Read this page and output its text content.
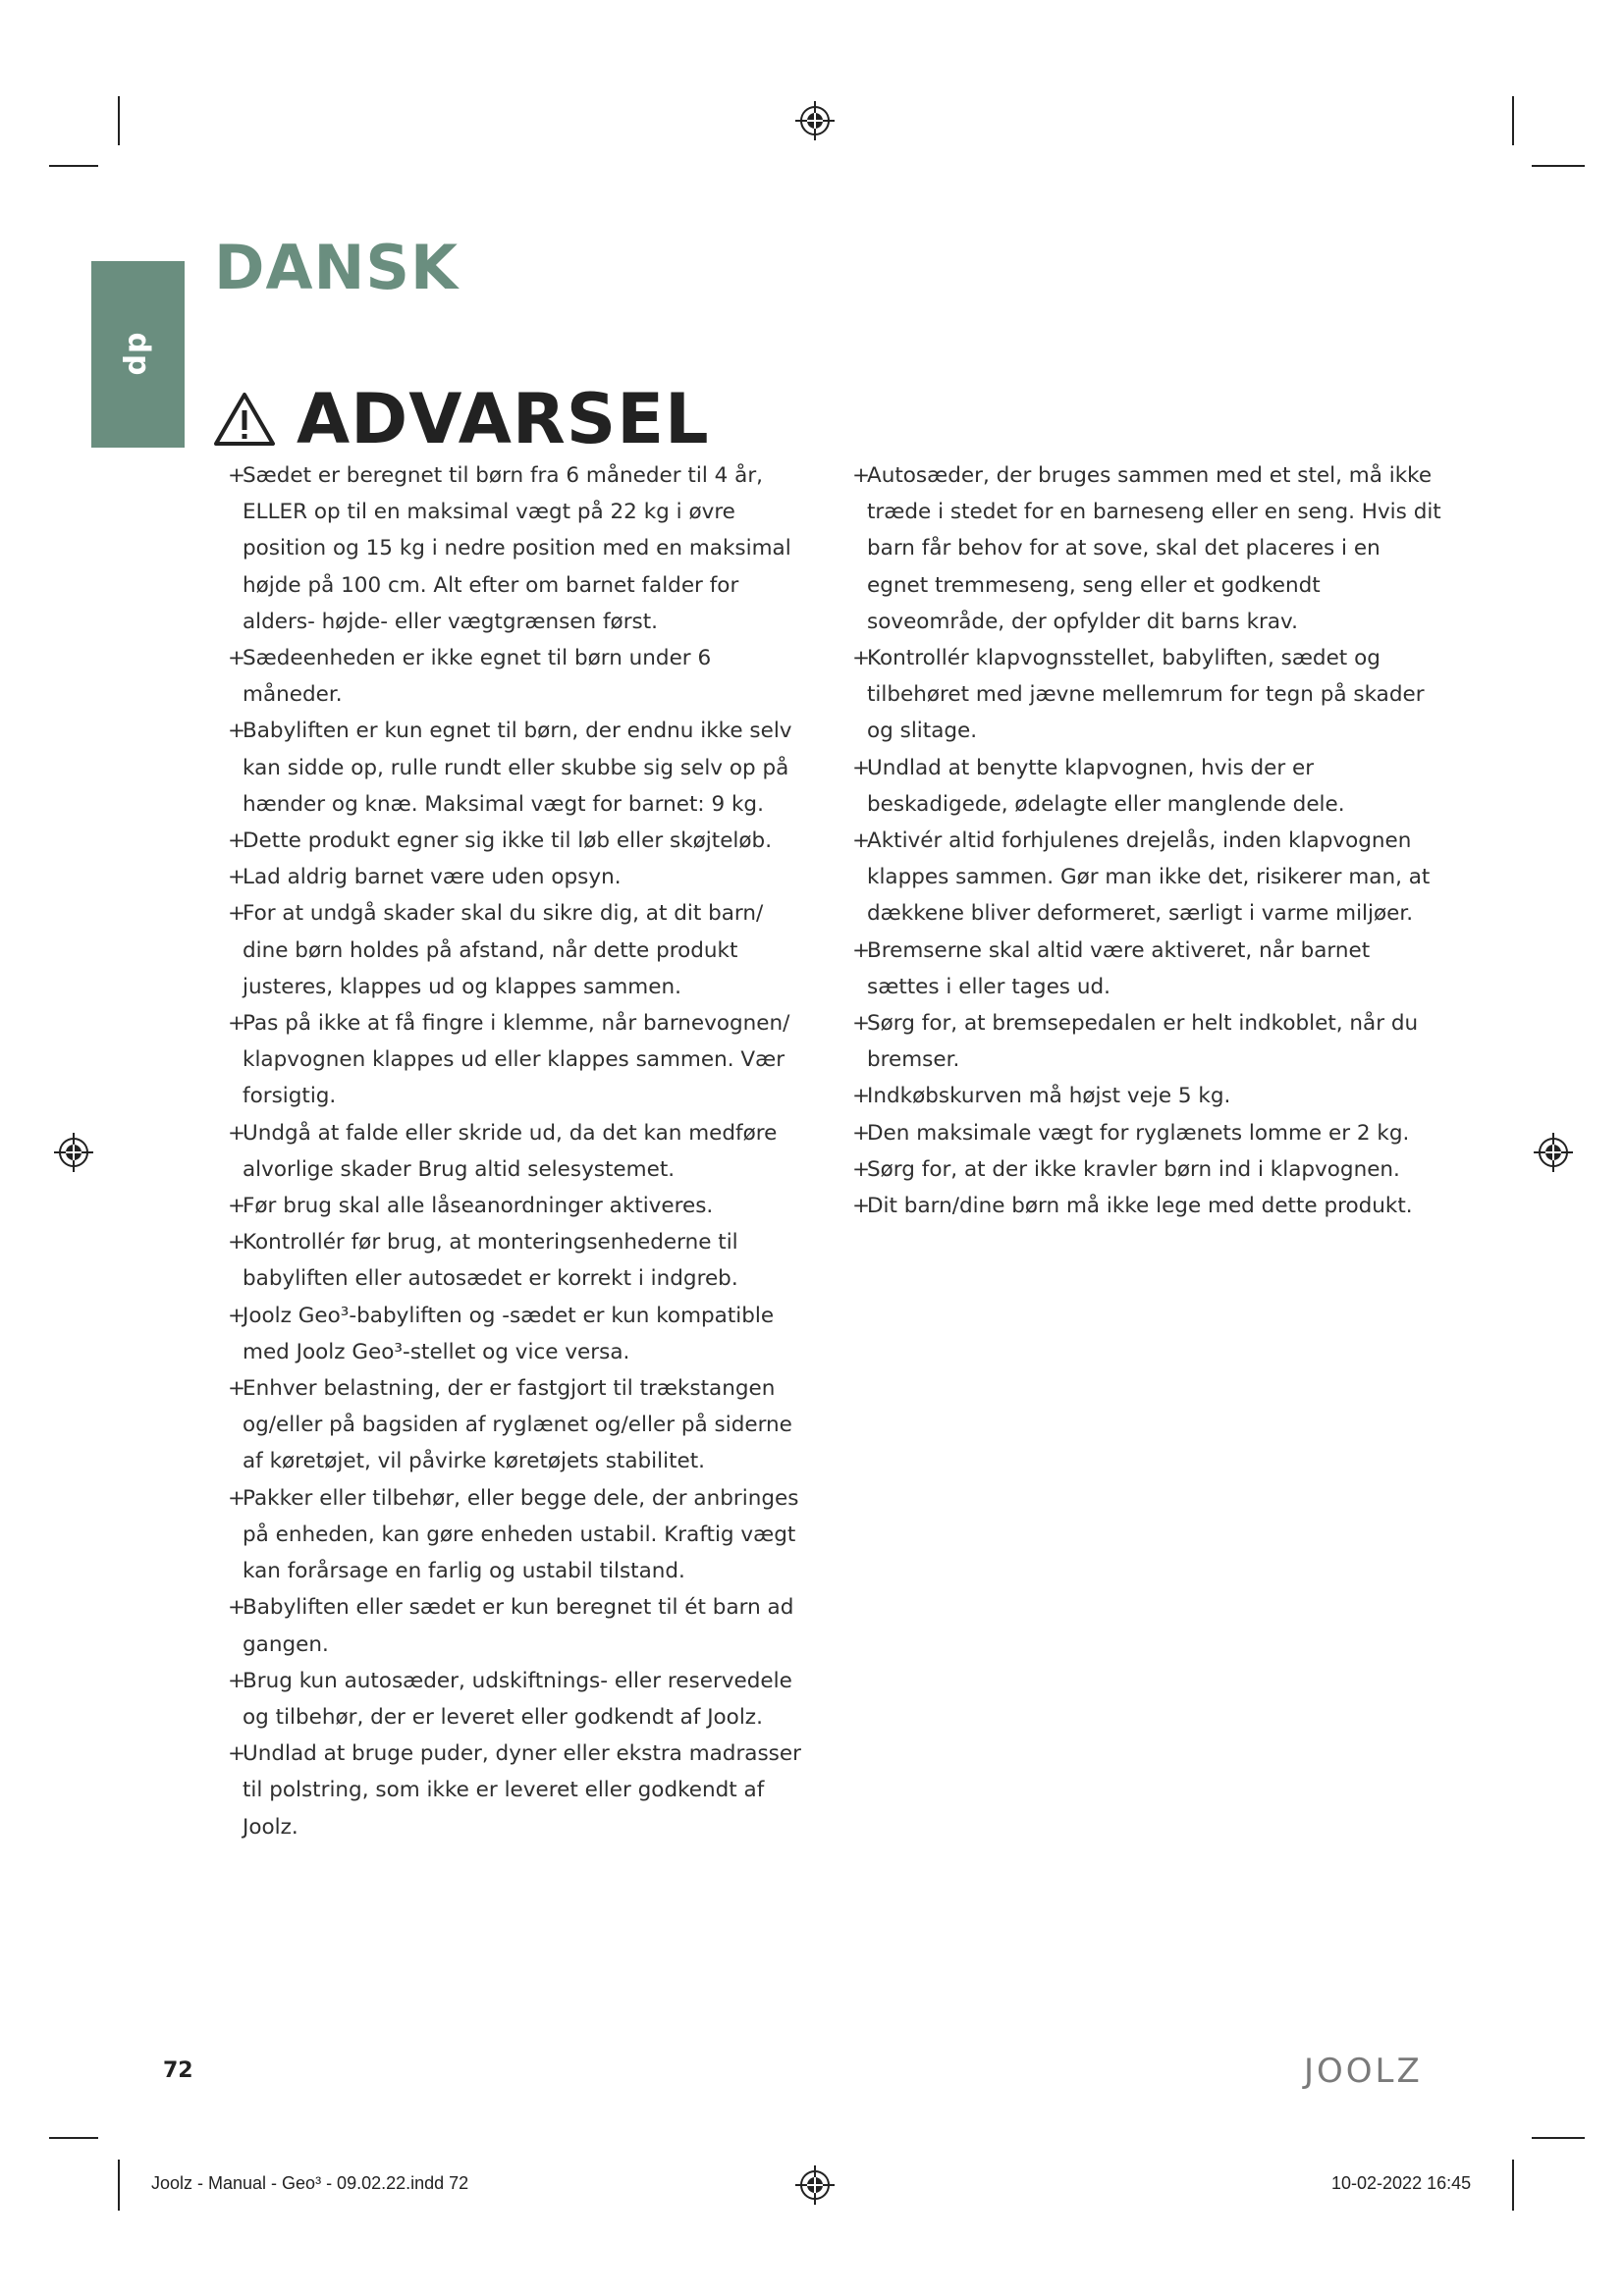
dp
DANSK
ADVARSEL
+
Sædet er beregnet til børn fra 6 måneder til 4 år, ELLER op til en maksimal vægt på 22 kg i øvre position og 15 kg i nedre position med en maksimal højde på 100 cm. Alt efter om barnet falder for alders- højde- eller vægtgrænsen først.
+
Sædeenheden er ikke egnet til børn under 6 måneder.
+
Babyliften er kun egnet til børn, der endnu ikke selv kan sidde op, rulle rundt eller skubbe sig selv op på hænder og knæ. Maksimal vægt for barnet: 9 kg.
+
Dette produkt egner sig ikke til løb eller skøjteløb.
+
Lad aldrig barnet være uden opsyn.
+
For at undgå skader skal du sikre dig, at dit barn/ dine børn holdes på afstand, når dette produkt justeres, klappes ud og klappes sammen.
+
Pas på ikke at få fingre i klemme, når barnevognen/ klapvognen klappes ud eller klappes sammen. Vær forsigtig.
+
Undgå at falde eller skride ud, da det kan medføre alvorlige skader Brug altid selesystemet.
+
Før brug skal alle låseanordninger aktiveres.
+
Kontrollér før brug, at monteringsenhederne til babyliften eller autosædet er korrekt i indgreb.
+
Joolz Geo³-babyliften og -sædet er kun kompatible med Joolz Geo³-stellet og vice versa.
+
Enhver belastning, der er fastgjort til trækstangen og/eller på bagsiden af ryglænet og/eller på siderne af køretøjet, vil påvirke køretøjets stabilitet.
+
Pakker eller tilbehør, eller begge dele, der anbringes på enheden, kan gøre enheden ustabil. Kraftig vægt kan forårsage en farlig og ustabil tilstand.
+
Babyliften eller sædet er kun beregnet til ét barn ad gangen.
+
Brug kun autosæder, udskiftnings- eller reservedele og tilbehør, der er leveret eller godkendt af Joolz.
+
Undlad at bruge puder, dyner eller ekstra madrasser til polstring, som ikke er leveret eller godkendt af Joolz.
+
Autosæder, der bruges sammen med et stel, må ikke træde i stedet for en barneseng eller en seng. Hvis dit barn får behov for at sove, skal det placeres i en egnet tremmeseng, seng eller et godkendt soveområde, der opfylder dit barns krav.
+
Kontrollér klapvognsstellet, babyliften, sædet og tilbehøret med jævne mellemrum for tegn på skader og slitage.
+
Undlad at benytte klapvognen, hvis der er beskadigede, ødelagte eller manglende dele.
+
Aktivér altid forhjulenes drejelås, inden klapvognen klappes sammen. Gør man ikke det, risikerer man, at dækkene bliver deformeret, særligt i varme miljøer.
+
Bremserne skal altid være aktiveret, når barnet sættes i eller tages ud.
+
Sørg for, at bremsepedalen er helt indkoblet, når du bremser.
+
Indkøbskurven må højst veje 5 kg.
+
Den maksimale vægt for ryglænets lomme er 2 kg.
+
Sørg for, at der ikke kravler børn ind i klapvognen.
+
Dit barn/dine børn må ikke lege med dette produkt.
72	JOOLZ
Joolz - Manual - Geo³ - 09.02.22.indd 72	10-02-2022 16:45
